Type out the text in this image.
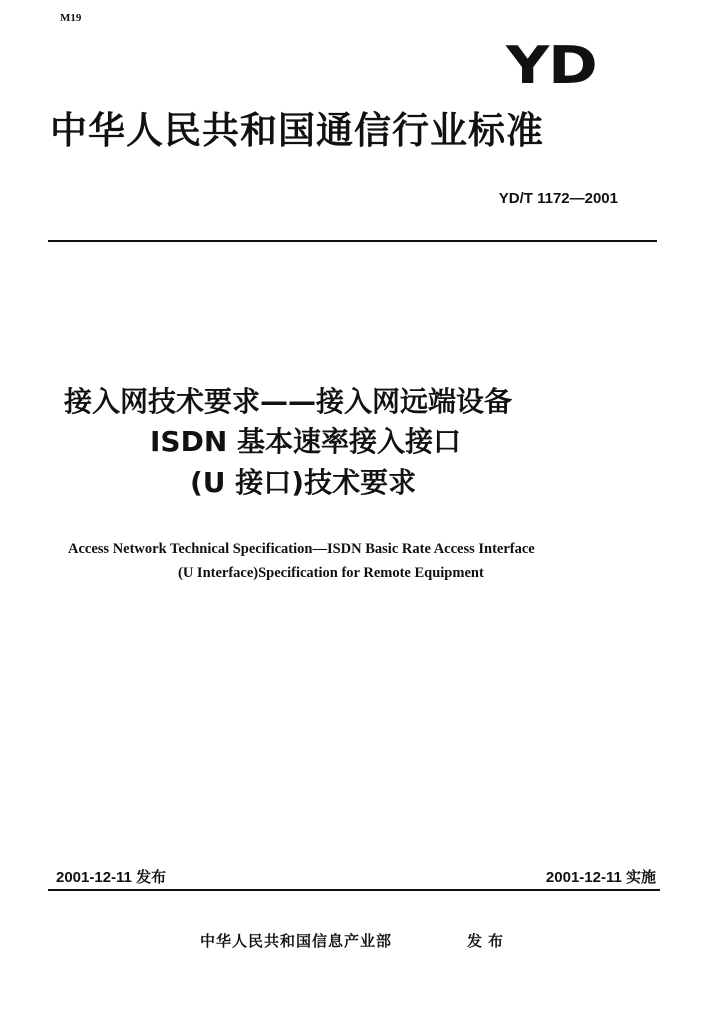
M19
YD
中华人民共和国通信行业标准
YD/T 1172—2001
接入网技术要求——接入网远端设备
ISDN 基本速率接入接口
(U 接口)技术要求
Access Network Technical Specification—ISDN Basic Rate Access Interface
(U Interface)Specification for Remote Equipment
2001-12-11 发布	2001-12-11 实施
中华人民共和国信息产业部	发布
